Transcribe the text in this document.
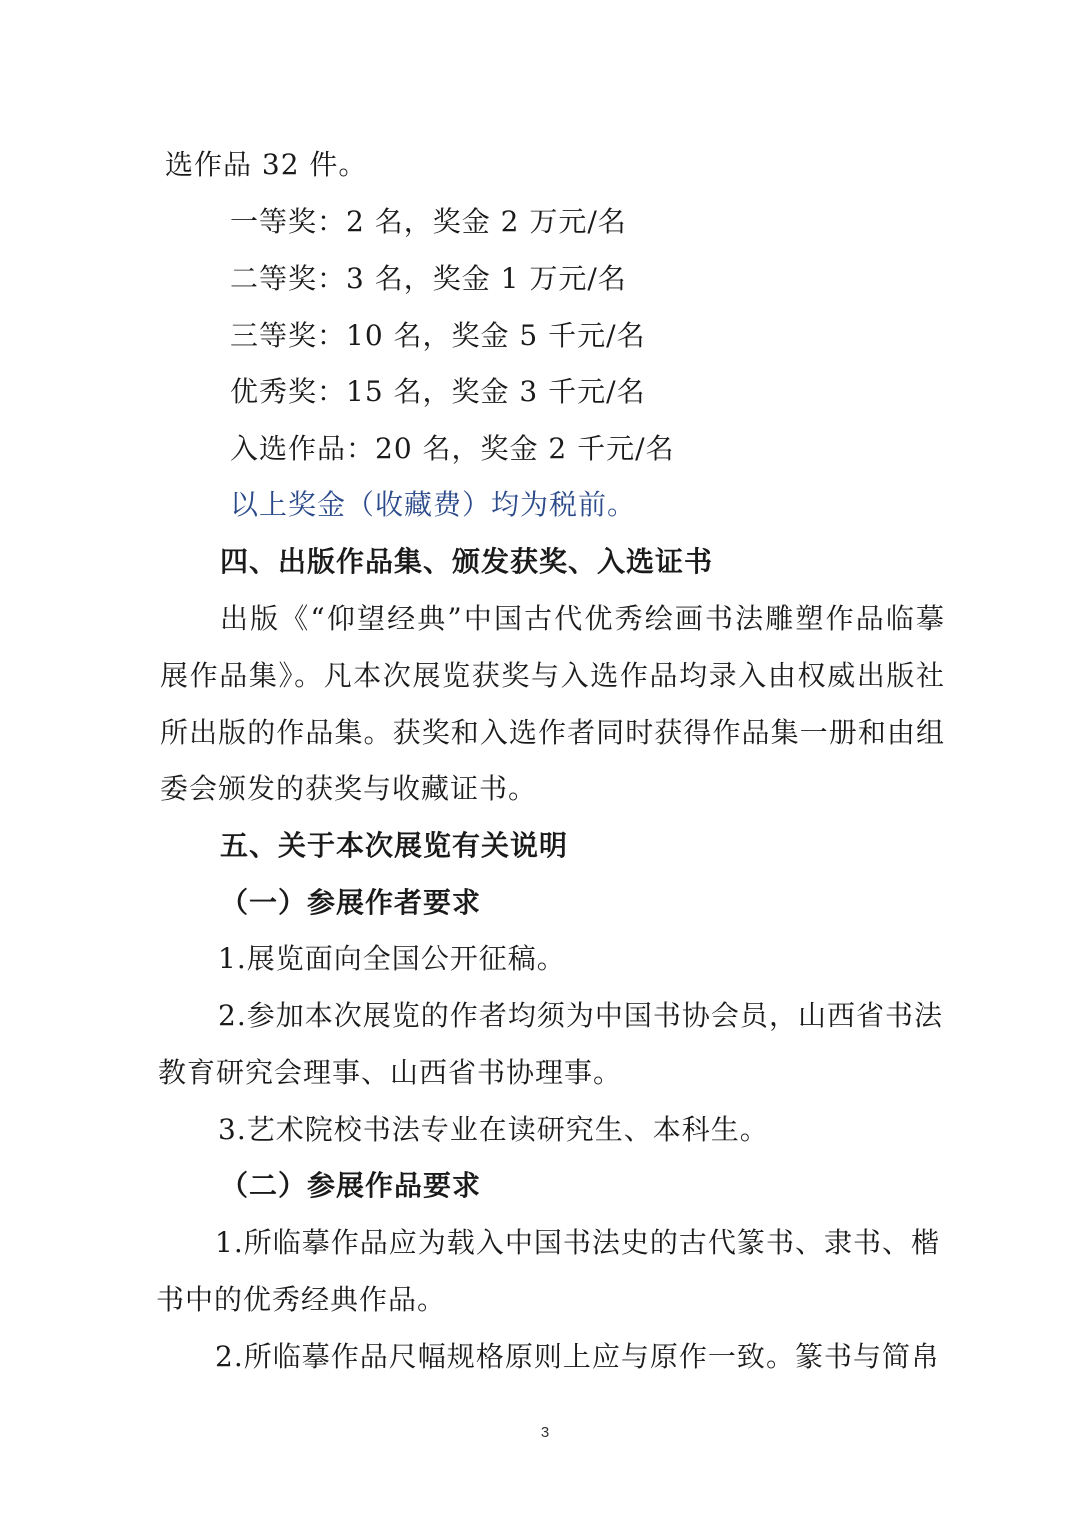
选作品 32 件。
一等奖：2 名，奖金 2 万元/名
二等奖：3 名，奖金 1 万元/名
三等奖：10 名，奖金 5 千元/名
优秀奖：15 名，奖金 3 千元/名
入选作品：20 名，奖金 2 千元/名
以上奖金（收藏费）均为税前。
四、出版作品集、颁发获奖、入选证书
出版《“仰望经典”中国古代优秀绘画书法雕塑作品临摹
展作品集》。凡本次展览获奖与入选作品均录入由权威出版社
所出版的作品集。获奖和入选作者同时获得作品集一册和由组
委会颁发的获奖与收藏证书。
五、关于本次展览有关说明
（一）参展作者要求
1.展览面向全国公开征稿。
2.参加本次展览的作者均须为中国书协会员，山西省书法
教育研究会理事、山西省书协理事。
3.艺术院校书法专业在读研究生、本科生。
（二）参展作品要求
1.所临摹作品应为载入中国书法史的古代篆书、隶书、楷
书中的优秀经典作品。
2.所临摹作品尺幅规格原则上应与原作一致。篆书与简帛
3
